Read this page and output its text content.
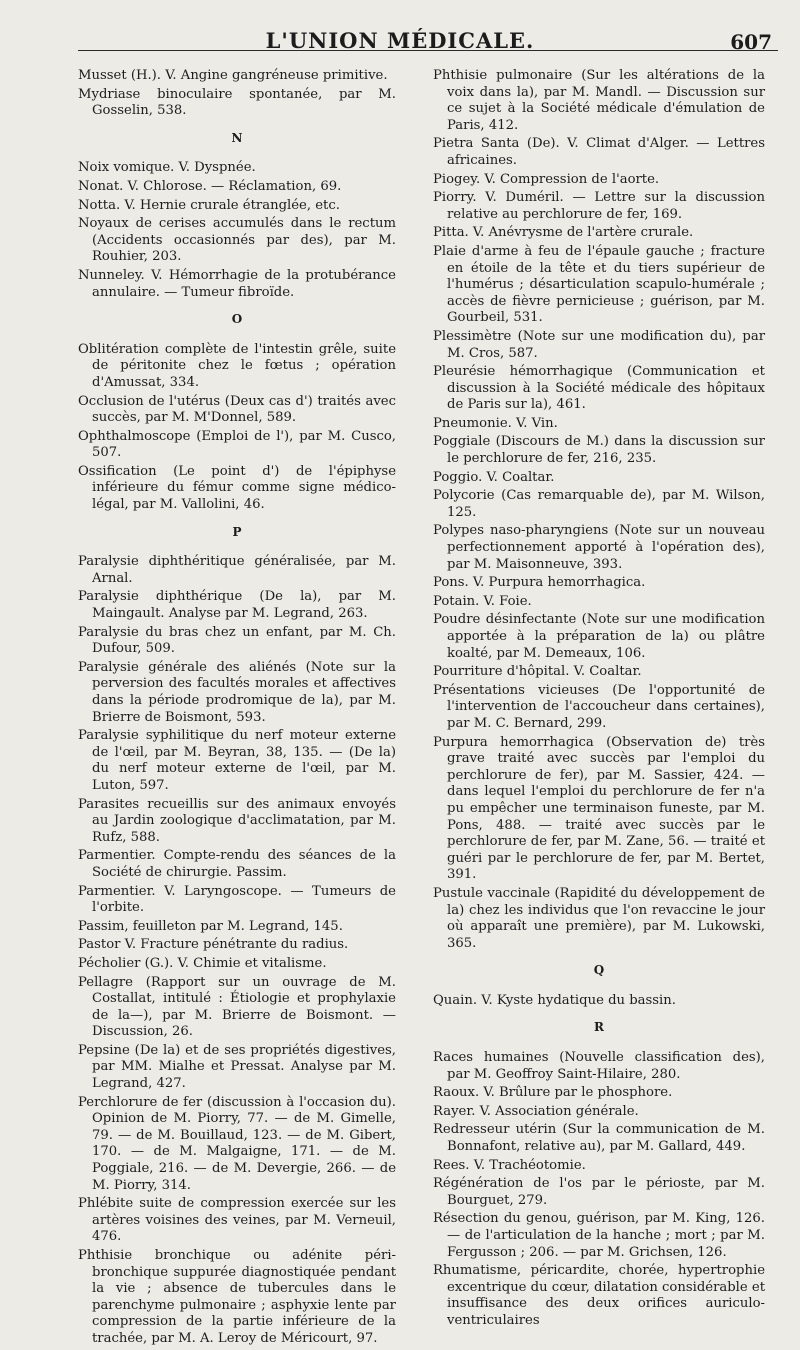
L'UNION MÉDICALE.	607
Musset (H.). V. Angine gangréneuse primitive.
Mydriase binoculaire spontanée, par M. Gosselin, 538.
N
Noix vomique. V. Dyspnée.
Nonat. V. Chlorose. — Réclamation, 69.
Notta. V. Hernie crurale étranglée, etc.
Noyaux de cerises accumulés dans le rectum (Accidents occasionnés par des), par M. Rouhier, 203.
Nunneley. V. Hémorrhagie de la protubérance annulaire. — Tumeur fibroïde.
O
Oblitération complète de l'intestin grêle, suite de péritonite chez le fœtus ; opération d'Amussat, 334.
Occlusion de l'utérus (Deux cas d') traités avec succès, par M. M'Donnel, 589.
Ophthalmoscope (Emploi de l'), par M. Cusco, 507.
Ossification (Le point d') de l'épiphyse inférieure du fémur comme signe médico-légal, par M. Vallolini, 46.
P
Paralysie diphthéritique généralisée, par M. Arnal.
Paralysie diphthérique (De la), par M. Maingault. Analyse par M. Legrand, 263.
Paralysie du bras chez un enfant, par M. Ch. Dufour, 509.
Paralysie générale des aliénés (Note sur la perversion des facultés morales et affectives dans la période prodromique de la), par M. Brierre de Boismont, 593.
Paralysie syphilitique du nerf moteur externe de l'œil, par M. Beyran, 38, 135. — (De la) du nerf moteur externe de l'œil, par M. Luton, 597.
Parasites recueillis sur des animaux envoyés au Jardin zoologique d'acclimatation, par M. Rufz, 588.
Parmentier. Compte-rendu des séances de la Société de chirurgie. Passim.
Parmentier. V. Laryngoscope. — Tumeurs de l'orbite.
Passim, feuilleton par M. Legrand, 145.
Pastor V. Fracture pénétrante du radius.
Pécholier (G.). V. Chimie et vitalisme.
Pellagre (Rapport sur un ouvrage de M. Costallat, intitulé : Étiologie et prophylaxie de la—), par M. Brierre de Boismont. — Discussion, 26.
Pepsine (De la) et de ses propriétés digestives, par MM. Mialhe et Pressat. Analyse par M. Legrand, 427.
Perchlorure de fer (discussion à l'occasion du). Opinion de M. Piorry, 77. — de M. Gimelle, 79. — de M. Bouillaud, 123. — de M. Gibert, 170. — de M. Malgaigne, 171. — de M. Poggiale, 216. — de M. Devergie, 266. — de M. Piorry, 314.
Phlébite suite de compression exercée sur les artères voisines des veines, par M. Verneuil, 476.
Phthisie bronchique ou adénite péri-bronchique suppurée diagnostiquée pendant la vie ; absence de tubercules dans le parenchyme pulmonaire ; asphyxie lente par compression de la partie inférieure de la trachée, par M. A. Leroy de Méricourt, 97.
Phthisie pulmonaire (Sur les altérations de la voix dans la), par M. Mandl. — Discussion sur ce sujet à la Société médicale d'émulation de Paris, 412.
Pietra Santa (De). V. Climat d'Alger. — Lettres africaines.
Piogey. V. Compression de l'aorte.
Piorry. V. Duméril. — Lettre sur la discussion relative au perchlorure de fer, 169.
Pitta. V. Anévrysme de l'artère crurale.
Plaie d'arme à feu de l'épaule gauche ; fracture en étoile de la tête et du tiers supérieur de l'humérus ; désarticulation scapulo-humérale ; accès de fièvre pernicieuse ; guérison, par M. Gourbeil, 531.
Plessimètre (Note sur une modification du), par M. Cros, 587.
Pleurésie hémorrhagique (Communication et discussion à la Société médicale des hôpitaux de Paris sur la), 461.
Pneumonie. V. Vin.
Poggiale (Discours de M.) dans la discussion sur le perchlorure de fer, 216, 235.
Poggio. V. Coaltar.
Polycorie (Cas remarquable de), par M. Wilson, 125.
Polypes naso-pharyngiens (Note sur un nouveau perfectionnement apporté à l'opération des), par M. Maisonneuve, 393.
Pons. V. Purpura hemorrhagica.
Potain. V. Foie.
Poudre désinfectante (Note sur une modification apportée à la préparation de la) ou plâtre koalté, par M. Demeaux, 106.
Pourriture d'hôpital. V. Coaltar.
Présentations vicieuses (De l'opportunité de l'intervention de l'accoucheur dans certaines), par M. C. Bernard, 299.
Purpura hemorrhagica (Observation de) très grave traité avec succès par l'emploi du perchlorure de fer), par M. Sassier, 424. — dans lequel l'emploi du perchlorure de fer n'a pu empêcher une terminaison funeste, par M. Pons, 488. — traité avec succès par le perchlorure de fer, par M. Zane, 56. — traité et guéri par le perchlorure de fer, par M. Bertet, 391.
Pustule vaccinale (Rapidité du développement de la) chez les individus que l'on revaccine le jour où apparaît une première), par M. Lukowski, 365.
Q
Quain. V. Kyste hydatique du bassin.
R
Races humaines (Nouvelle classification des), par M. Geoffroy Saint-Hilaire, 280.
Raoux. V. Brûlure par le phosphore.
Rayer. V. Association générale.
Redresseur utérin (Sur la communication de M. Bonnafont, relative au), par M. Gallard, 449.
Rees. V. Trachéotomie.
Régénération de l'os par le périoste, par M. Bourguet, 279.
Résection du genou, guérison, par M. King, 126. — de l'articulation de la hanche ; mort ; par M. Fergusson ; 206. — par M. Grichsen, 126.
Rhumatisme, péricardite, chorée, hypertrophie excentrique du cœur, dilatation considérable et insuffisance des deux orifices auriculo-ventriculaires
